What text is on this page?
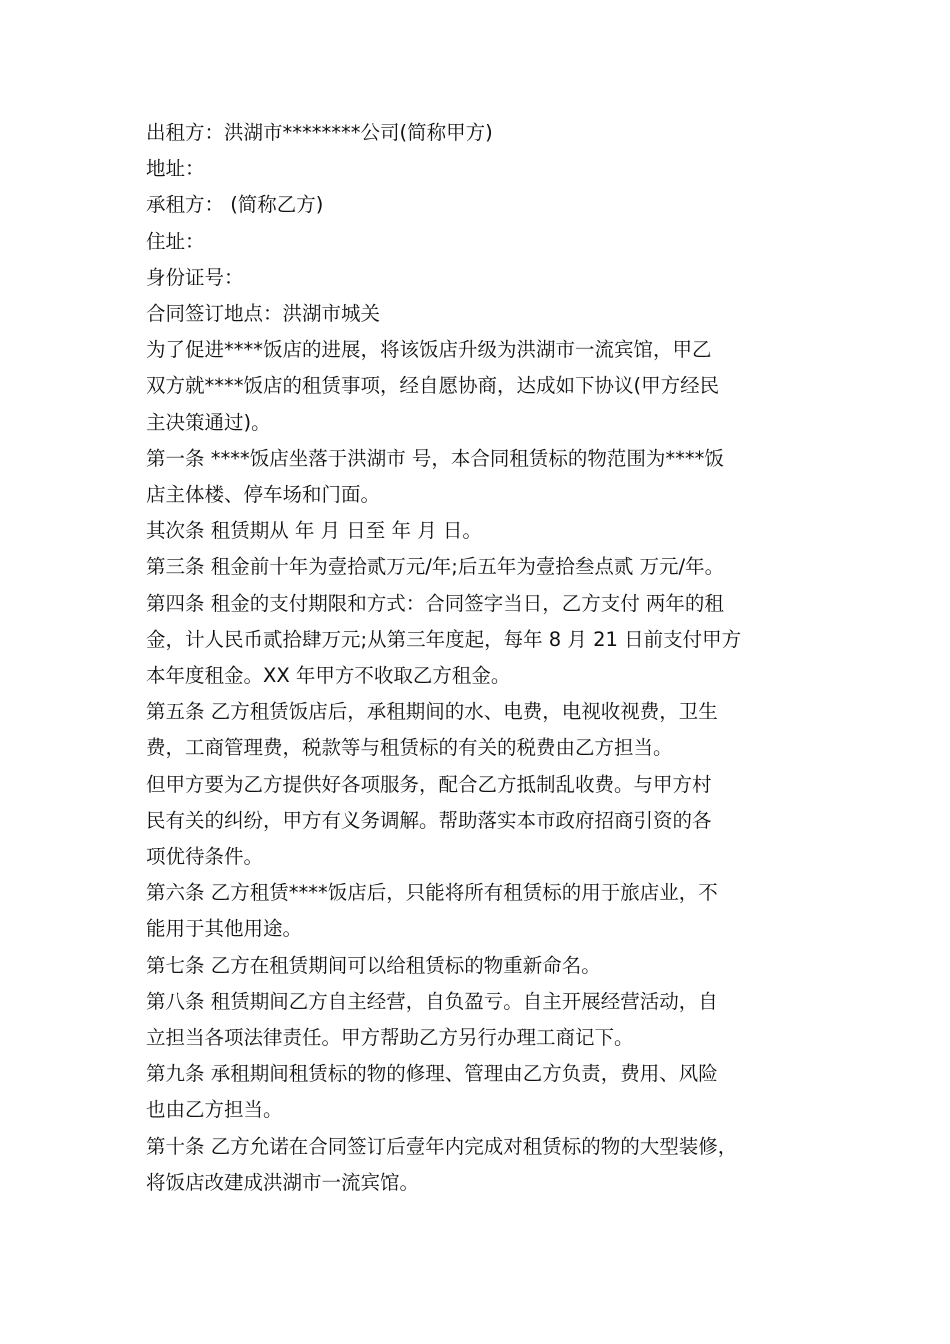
出租方：洪湖市********公司(简称甲方)

地址：

承租方： (简称乙方)

住址：

身份证号：

合同签订地点：洪湖市城关

为了促进****饭店的进展，将该饭店升级为洪湖市一流宾馆，甲乙

双方就****饭店的租赁事项，经自愿协商，达成如下协议(甲方经民

主决策通过)。

第一条 ****饭店坐落于洪湖市 号，本合同租赁标的物范围为****饭

店主体楼、停车场和门面。

其次条 租赁期从 年 月 日至 年 月 日。

第三条 租金前十年为壹拾贰万元/年;后五年为壹拾叁点贰 万元/年。

第四条 租金的支付期限和方式：合同签字当日，乙方支付 两年的租

金，计人民币贰拾肆万元;从第三年度起，每年 8 月 21 日前支付甲方

本年度租金。XX 年甲方不收取乙方租金。

第五条 乙方租赁饭店后，承租期间的水、电费，电视收视费，卫生

费，工商管理费，税款等与租赁标的有关的税费由乙方担当。

但甲方要为乙方提供好各项服务，配合乙方抵制乱收费。与甲方村

民有关的纠纷，甲方有义务调解。帮助落实本市政府招商引资的各

项优待条件。

第六条 乙方租赁****饭店后，只能将所有租赁标的用于旅店业，不

能用于其他用途。

第七条 乙方在租赁期间可以给租赁标的物重新命名。

第八条 租赁期间乙方自主经营，自负盈亏。自主开展经营活动，自

立担当各项法律责任。甲方帮助乙方另行办理工商记下。

第九条 承租期间租赁标的物的修理、管理由乙方负责，费用、风险

也由乙方担当。

第十条 乙方允诺在合同签订后壹年内完成对租赁标的物的大型装修，

将饭店改建成洪湖市一流宾馆。
